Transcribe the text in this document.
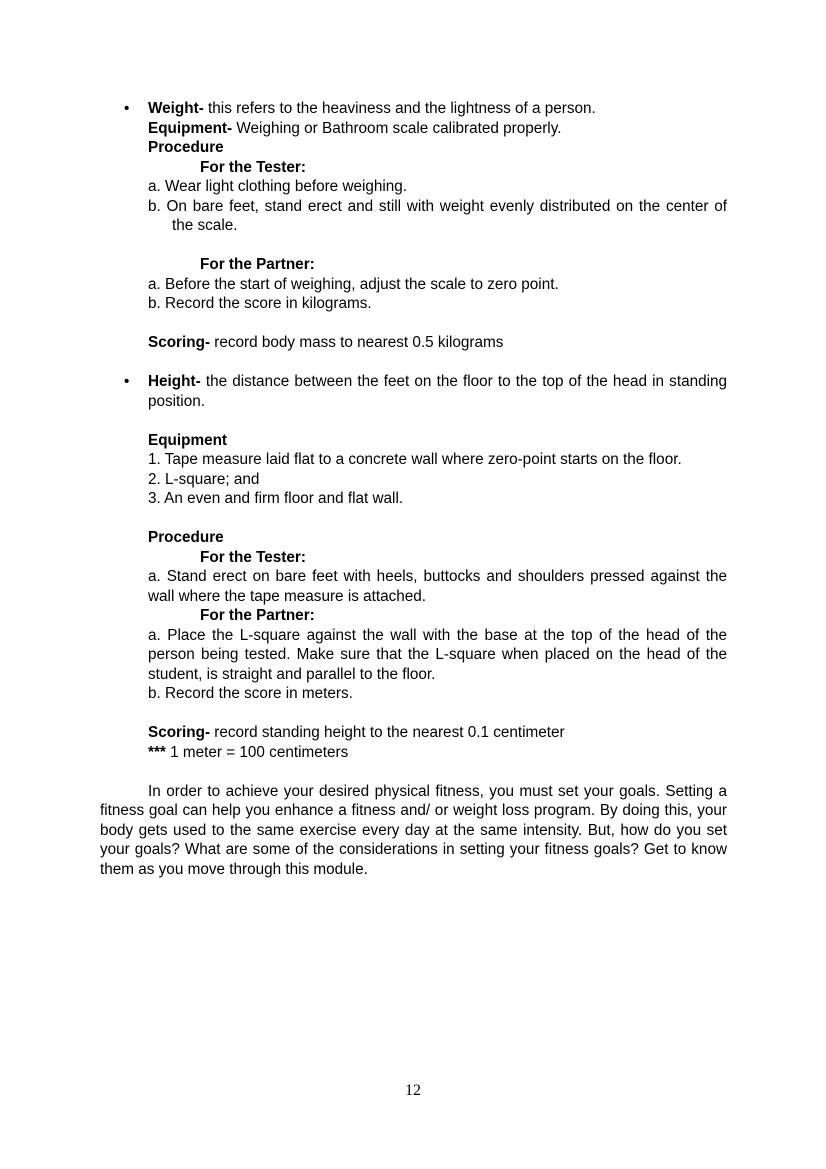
• Weight- this refers to the heaviness and the lightness of a person.
Equipment- Weighing or Bathroom scale calibrated properly.
Procedure
For the Tester:
a. Wear light clothing before weighing.
b. On bare feet, stand erect and still with weight evenly distributed on the center of the scale.
For the Partner:
a. Before the start of weighing, adjust the scale to zero point.
b. Record the score in kilograms.
Scoring- record body mass to nearest 0.5 kilograms
• Height- the distance between the feet on the floor to the top of the head in standing position.
Equipment
1. Tape measure laid flat to a concrete wall where zero-point starts on the floor.
2. L-square; and
3. An even and firm floor and flat wall.
Procedure
For the Tester:
a. Stand erect on bare feet with heels, buttocks and shoulders pressed against the wall where the tape measure is attached.
For the Partner:
a. Place the L-square against the wall with the base at the top of the head of the person being tested. Make sure that the L-square when placed on the head of the student, is straight and parallel to the floor.
b. Record the score in meters.
Scoring- record standing height to the nearest 0.1 centimeter
*** 1 meter = 100 centimeters

In order to achieve your desired physical fitness, you must set your goals. Setting a fitness goal can help you enhance a fitness and/ or weight loss program. By doing this, your body gets used to the same exercise every day at the same intensity. But, how do you set your goals? What are some of the considerations in setting your fitness goals? Get to know them as you move through this module.

12
